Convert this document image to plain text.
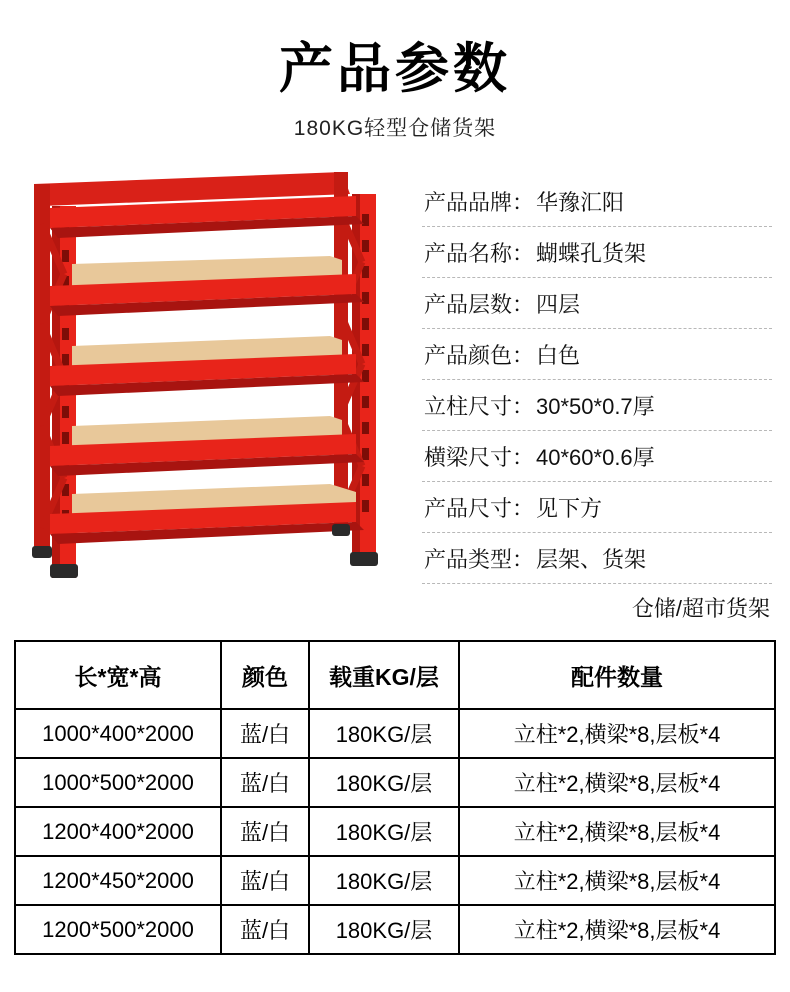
产品参数
180KG轻型仓储货架
产品品牌： 华豫汇阳
产品名称： 蝴蝶孔货架
产品层数： 四层
产品颜色： 白色
立柱尺寸： 30*50*0.7厚
横梁尺寸： 40*60*0.6厚
产品尺寸： 见下方
产品类型： 层架、货架
仓储/超市货架
长*宽*高	颜色	载重KG/层	配件数量
1000*400*2000	蓝/白	180KG/层	立柱*2,横梁*8,层板*4
1000*500*2000	蓝/白	180KG/层	立柱*2,横梁*8,层板*4
1200*400*2000	蓝/白	180KG/层	立柱*2,横梁*8,层板*4
1200*450*2000	蓝/白	180KG/层	立柱*2,横梁*8,层板*4
1200*500*2000	蓝/白	180KG/层	立柱*2,横梁*8,层板*4
